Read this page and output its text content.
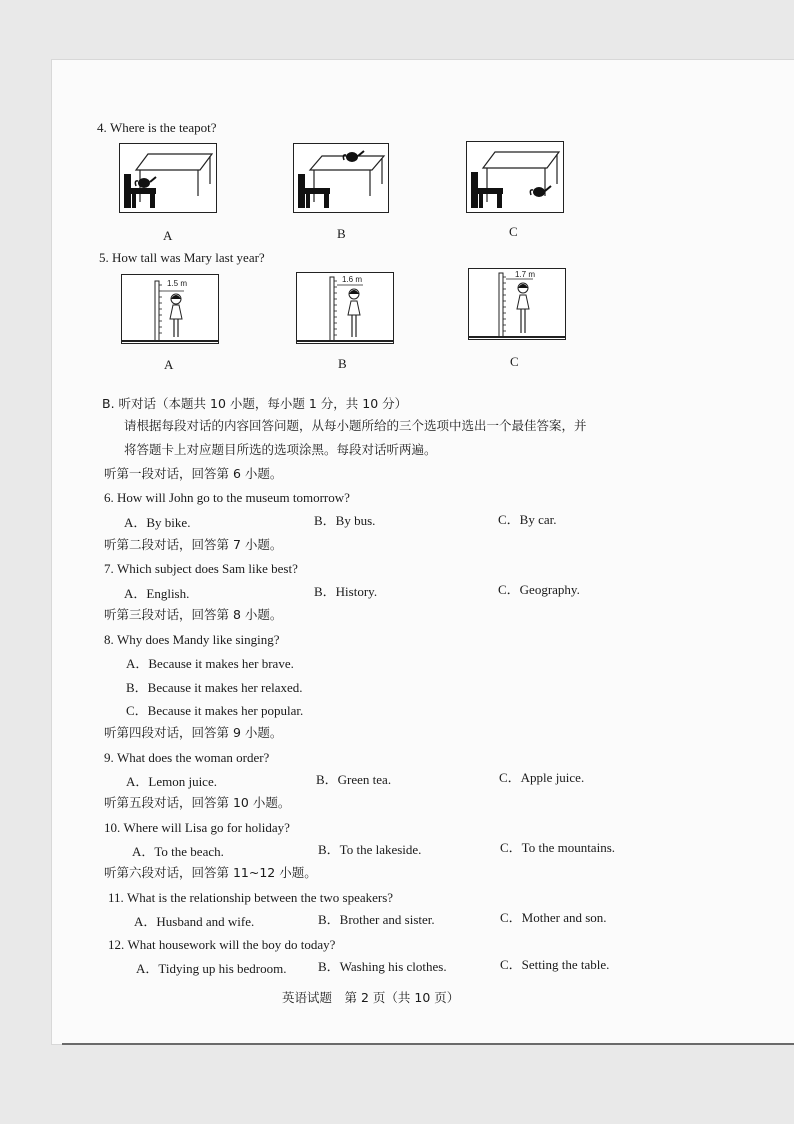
4. Where is the teapot?
A	B	C
5. How tall was Mary last year?
1.5 m
A
1.6 m
B
1.7 m
C
B. 听对话（本题共 10 小题，每小题 1 分，共 10 分）
请根据每段对话的内容回答问题，从每小题所给的三个选项中选出一个最佳答案，并
将答题卡上对应题目所选的选项涂黑。每段对话听两遍。
听第一段对话，回答第 6 小题。
6. How will John go to the museum tomorrow?
A．By bike.	B．By bus.	C．By car.
听第二段对话，回答第 7 小题。
7. Which subject does Sam like best?
A．English.	B．History.	C．Geography.
听第三段对话，回答第 8 小题。
8. Why does Mandy like singing?
A．Because it makes her brave.
B．Because it makes her relaxed.
C．Because it makes her popular.
听第四段对话，回答第 9 小题。
9. What does the woman order?
A．Lemon juice.	B．Green tea.	C．Apple juice.
听第五段对话，回答第 10 小题。
10. Where will Lisa go for holiday?
A．To the beach.	B．To the lakeside.	C．To the mountains.
听第六段对话，回答第 11~12 小题。
11. What is the relationship between the two speakers?
A．Husband and wife.	B．Brother and sister.	C．Mother and son.
12. What housework will the boy do today?
A．Tidying up his bedroom. B．Washing his clothes.	C．Setting the table.
英语试题　第 2 页（共 10 页）
